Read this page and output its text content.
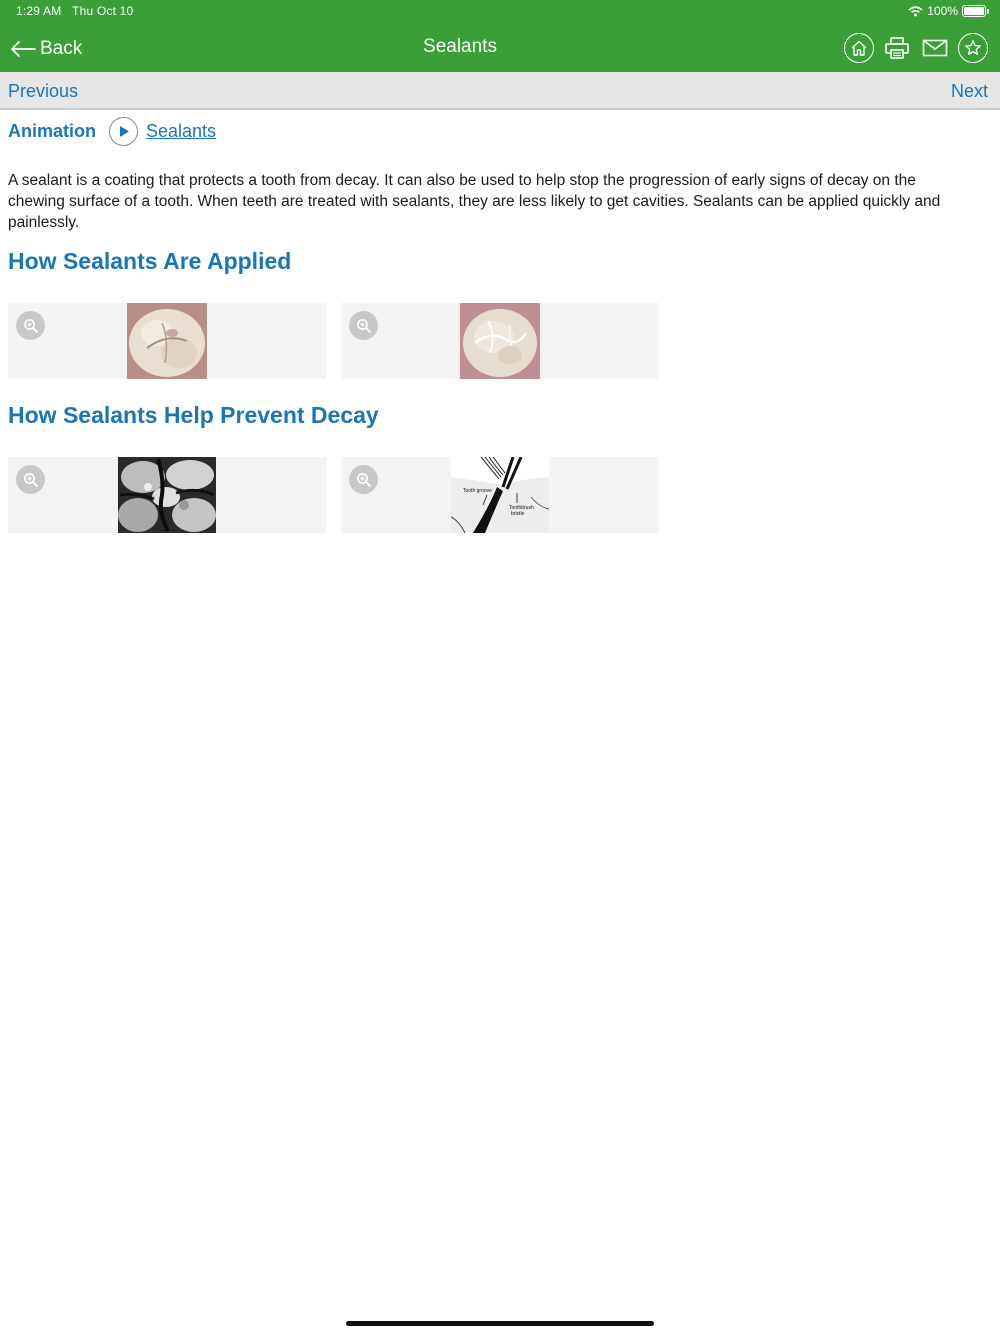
1:29 AM Thu Oct 10	100%
Back	Sealants
Previous	Next
Animation	Sealants

A sealant is a coating that protects a tooth from decay. It can also be used to help stop the progression of early signs of decay on the chewing surface of a tooth. When teeth are treated with sealants, they are less likely to get cavities. Sealants can be applied quickly and painlessly.

How Sealants Are Applied
How Sealants Help Prevent Decay
Tooth groove
Toothbrush
bristle
